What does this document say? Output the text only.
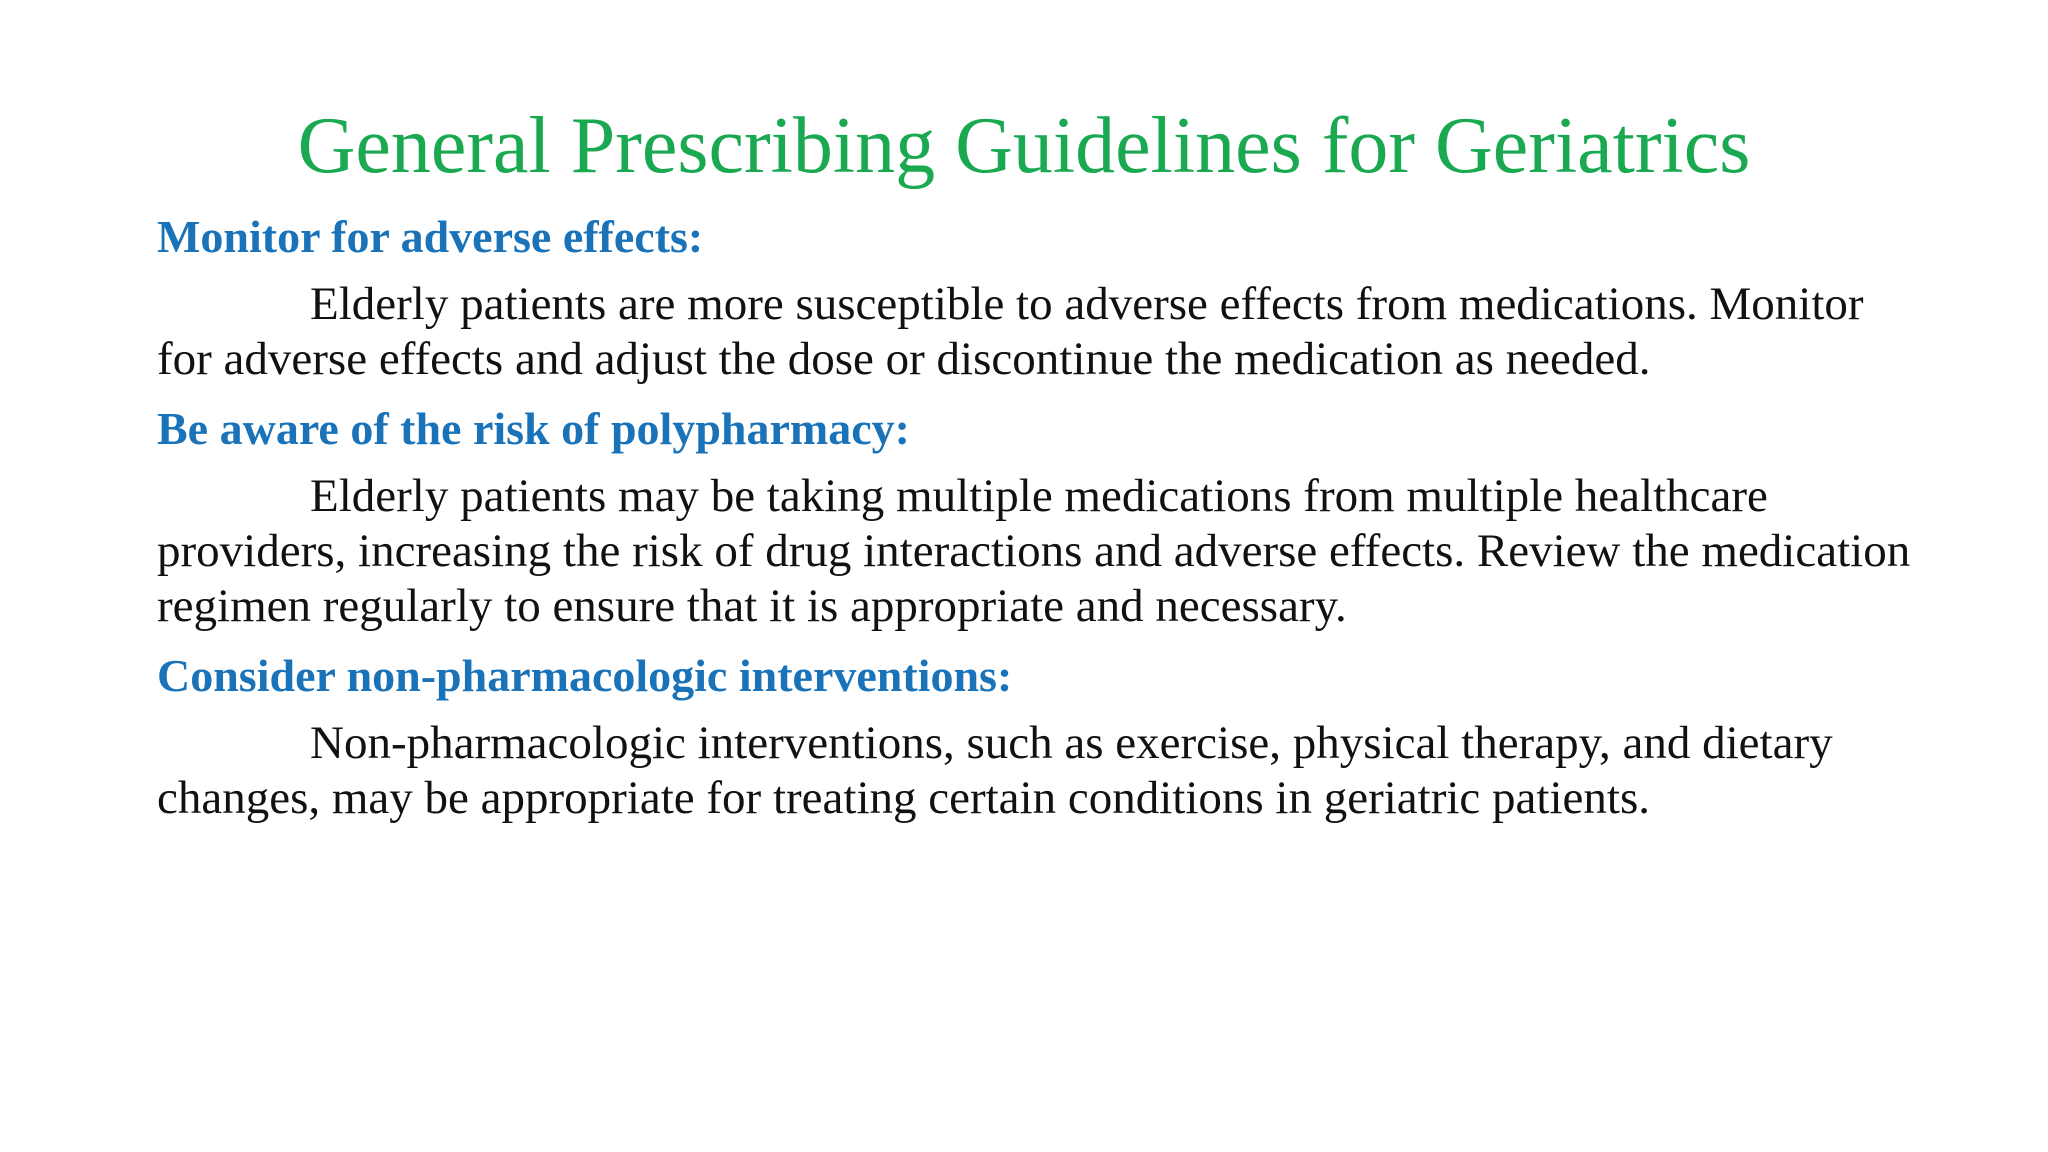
General Prescribing Guidelines for Geriatrics
Monitor for adverse effects:

Elderly patients are more susceptible to adverse effects from medications. Monitor for adverse effects and adjust the dose or discontinue the medication as needed.

Be aware of the risk of polypharmacy:

Elderly patients may be taking multiple medications from multiple healthcare providers, increasing the risk of drug interactions and adverse effects. Review the medication regimen regularly to ensure that it is appropriate and necessary.

Consider non-pharmacologic interventions:

Non-pharmacologic interventions, such as exercise, physical therapy, and dietary changes, may be appropriate for treating certain conditions in geriatric patients.
